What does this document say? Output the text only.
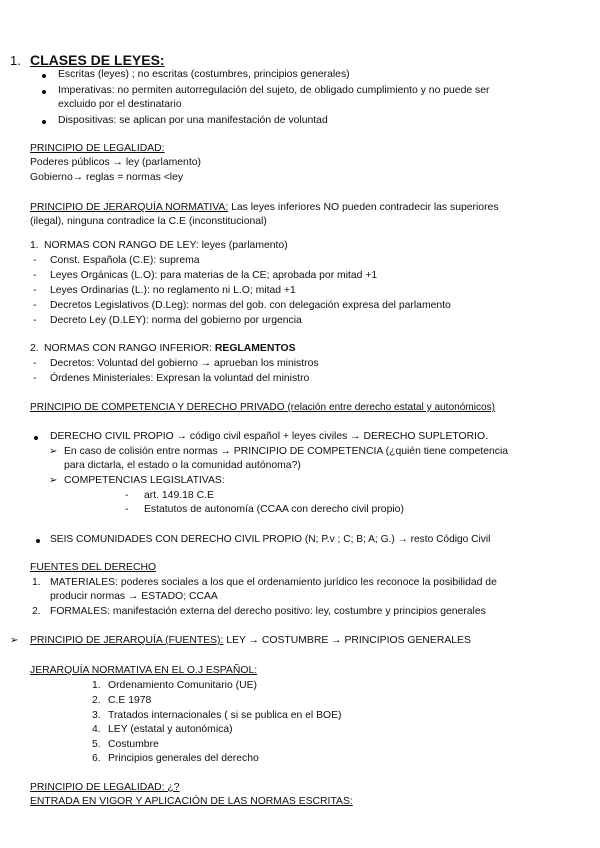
1. CLASES DE LEYES:
Escritas (leyes) ; no escritas (costumbres, principios generales)
Imperativas: no permiten autorregulación del sujeto, de obligado cumplimiento y no puede ser
excluido por el destinatario
Dispositivas: se aplican por una manifestación de voluntad
PRINCIPIO DE LEGALIDAD:
Poderes públicos → ley (parlamento)
Gobierno→ reglas = normas <ley
PRINCIPIO DE JERARQUÍA NORMATIVA: Las leyes inferiores NO pueden contradecir las superiores
(ilegal), ninguna contradice la C.E (inconstitucional)
1. NORMAS CON RANGO DE LEY: leyes (parlamento)
- Const. Española (C.E): suprema
- Leyes Orgánicas (L.O): para materias de la CE; aprobada por mitad +1
- Leyes Ordinarias (L.): no reglamento ni L.O; mitad +1
- Decretos Legislativos (D.Leg): normas del gob. con delegación expresa del parlamento
- Decreto Ley (D.LEY): norma del gobierno por urgencia
2. NORMAS CON RANGO INFERIOR: REGLAMENTOS
- Decretos: Voluntad del gobierno → aprueban los ministros
- Órdenes Ministeriales: Expresan la voluntad del ministro
PRINCIPIO DE COMPETENCIA Y DERECHO PRIVADO (relación entre derecho estatal y autonómicos)
DERECHO CIVIL PROPIO → código civil español + leyes civiles → DERECHO SUPLETORIO.
➢ En caso de colisión entre normas → PRINCIPIO DE COMPETENCIA (¿quién tiene competencia
para dictarla, el estado o la comunidad autónoma?)
➢ COMPETENCIAS LEGISLATIVAS:
- art. 149.18 C.E
- Estatutos de autonomía (CCAA con derecho civil propio)
SEIS COMUNIDADES CON DERECHO CIVIL PROPIO (N; P.v ; C; B; A; G.) → resto Código Civil
FUENTES DEL DERECHO
1. MATERIALES: poderes sociales a los que el ordenamiento jurídico les reconoce la posibilidad de
producir normas → ESTADO; CCAA
2. FORMALES: manifestación externa del derecho positivo: ley, costumbre y principios generales
➢ PRINCIPIO DE JERARQUÍA (FUENTES): LEY → COSTUMBRE → PRINCIPIOS GENERALES
JERARQUÍA NORMATIVA EN EL O.J ESPAÑOL:
1. Ordenamiento Comunitario (UE)
2. C.E 1978
3. Tratados internacionales ( si se publica en el BOE)
4. LEY (estatal y autonómica)
5. Costumbre
6. Principios generales del derecho
PRINCIPIO DE LEGALIDAD: ¿?
ENTRADA EN VIGOR Y APLICACIÓN DE LAS NORMAS ESCRITAS:
